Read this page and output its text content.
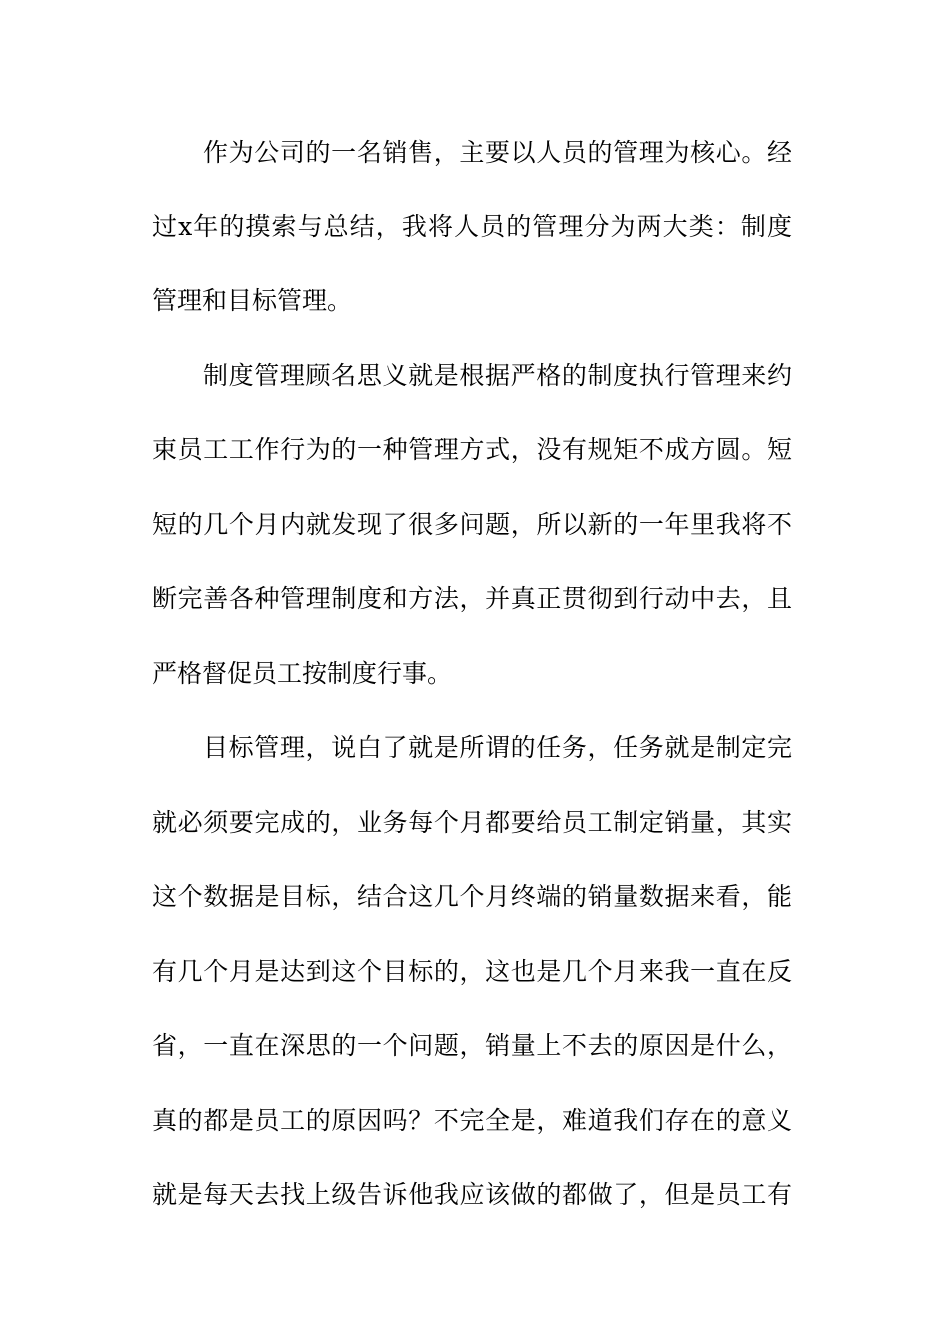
作为公司的一名销售，主要以人员的管理为核心。经
过x年的摸索与总结，我将人员的管理分为两大类：制度
管理和目标管理。
制度管理顾名思义就是根据严格的制度执行管理来约
束员工工作行为的一种管理方式，没有规矩不成方圆。短
短的几个月内就发现了很多问题，所以新的一年里我将不
断完善各种管理制度和方法，并真正贯彻到行动中去，且
严格督促员工按制度行事。
目标管理，说白了就是所谓的任务，任务就是制定完
就必须要完成的，业务每个月都要给员工制定销量，其实
这个数据是目标，结合这几个月终端的销量数据来看，能
有几个月是达到这个目标的，这也是几个月来我一直在反
省，一直在深思的一个问题，销量上不去的原因是什么，
真的都是员工的原因吗？不完全是，难道我们存在的意义
就是每天去找上级告诉他我应该做的都做了，但是员工有
